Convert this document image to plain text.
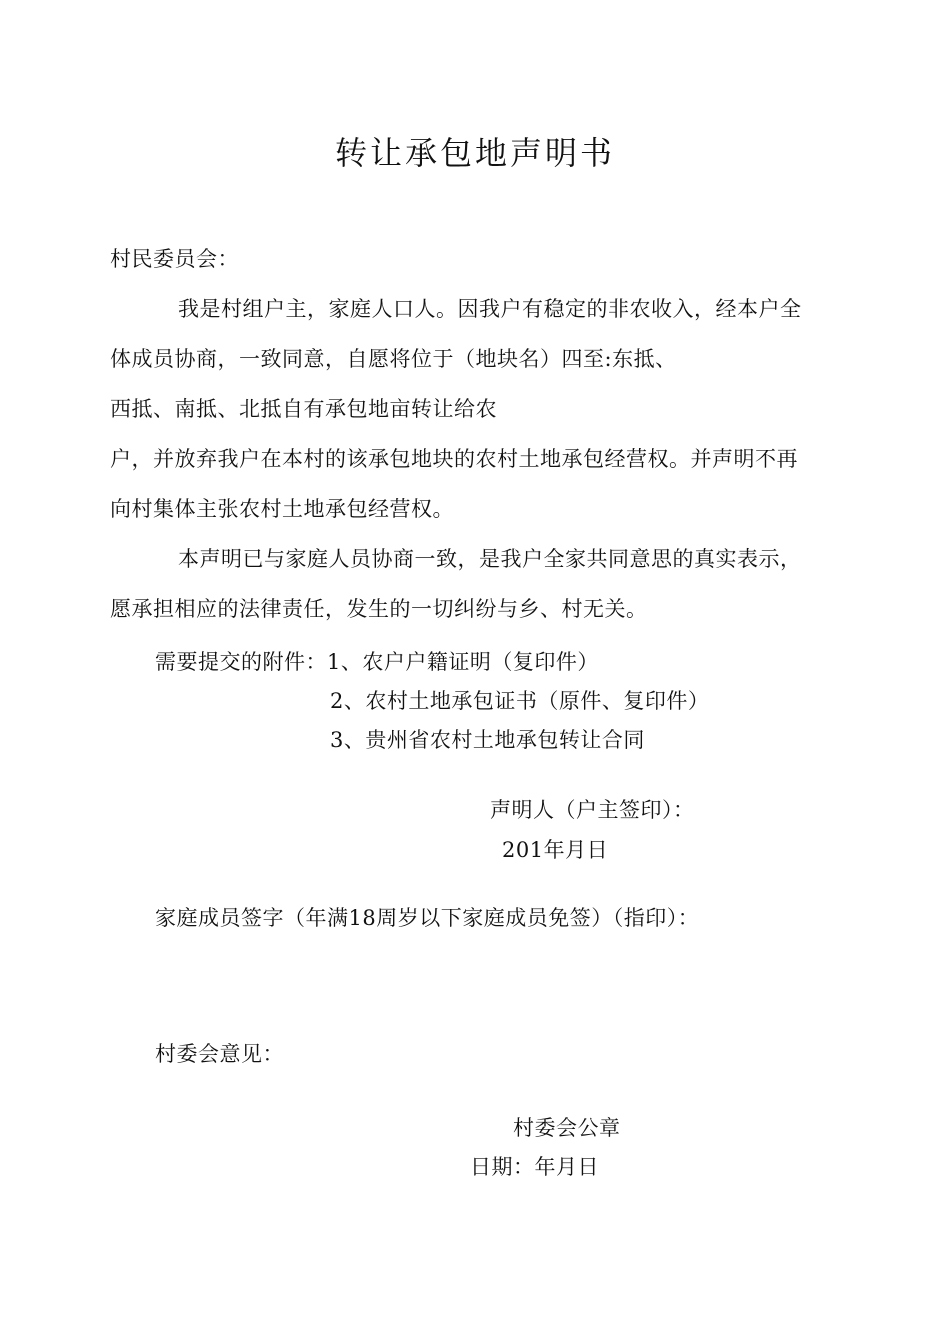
转让承包地声明书
村民委员会：
我是村组户主，家庭人口人。因我户有稳定的非农收入，经本户全
体成员协商，一致同意，自愿将位于（地块名）四至:东抵、
西抵、南抵、北抵自有承包地亩转让给农
户，并放弃我户在本村的该承包地块的农村土地承包经营权。并声明不再
向村集体主张农村土地承包经营权。
本声明已与家庭人员协商一致，是我户全家共同意思的真实表示，
愿承担相应的法律责任，发生的一切纠纷与乡、村无关。
需要提交的附件：1、农户户籍证明（复印件）
2、农村土地承包证书（原件、复印件）
3、贵州省农村土地承包转让合同
声明人（户主签印）：
201年月日
家庭成员签字（年满18周岁以下家庭成员免签）（指印）：
村委会意见：
村委会公章
日期：年月日
